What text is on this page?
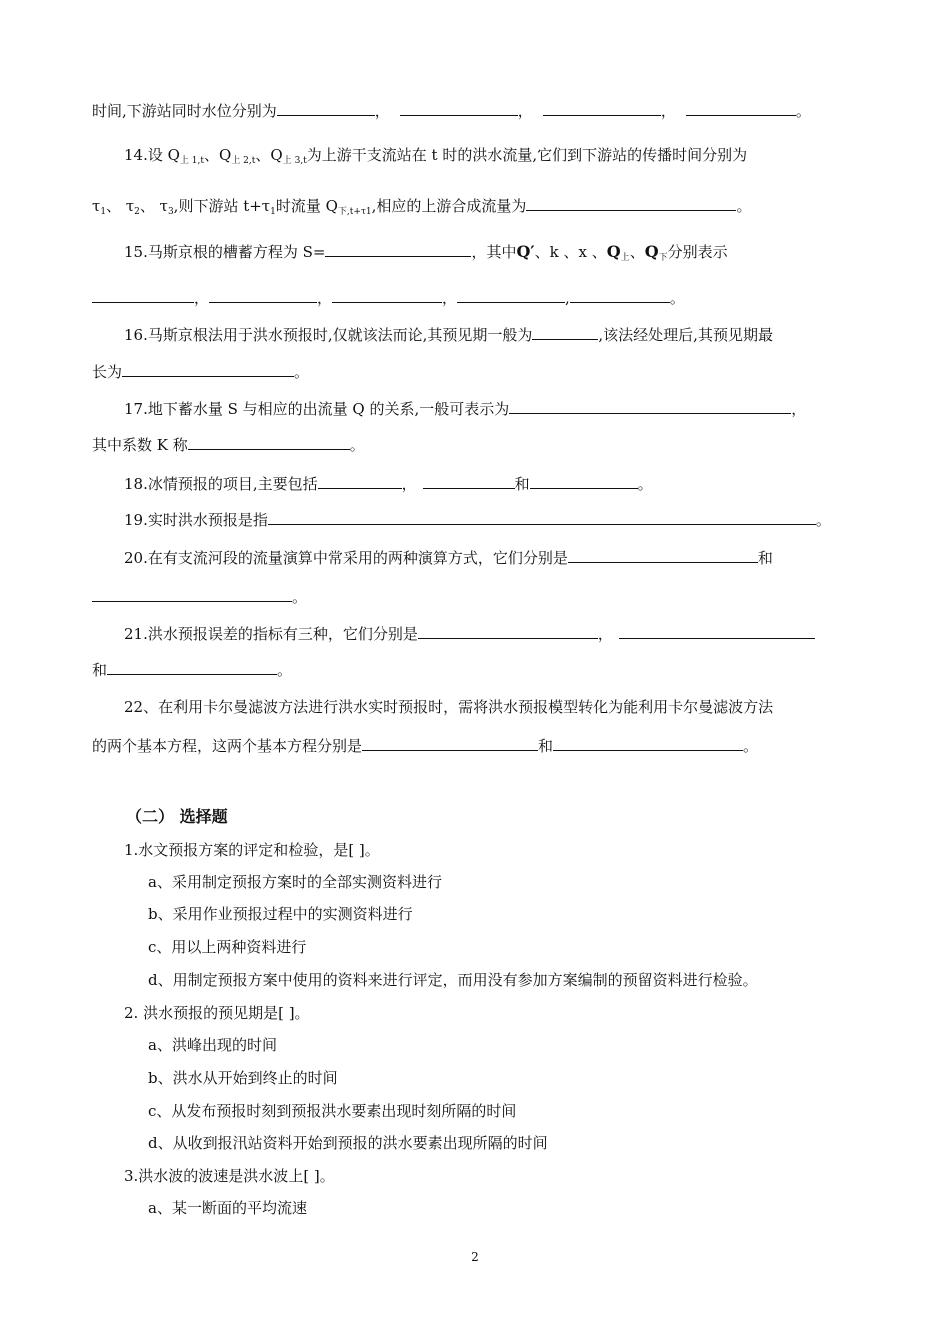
时间,下游站同时水位分别为	，	，	，	。
14.设 $Q_{上 1,t}$、$Q_{上 2,t}$、$Q_{上 3,t}$为上游干支流站在 t 时的洪水流量,它们到下游站的传播时间分别为
$\tau_1$、 $\tau_2$、 $\tau_3$,则下游站 $t+\tau_1$时流量 $Q_{下,t+\tau 1}$,相应的上游合成流量为	。
15.马斯京根的槽蓄方程为 S=	，其中Q′、k 、x 、$Q_上$、$Q_下$分别表示
，	，	，	,	。
16.马斯京根法用于洪水预报时,仅就该法而论,其预见期一般为	,该法经处理后,其预见期最
长为	。
17.地下蓄水量 S 与相应的出流量 Q 的关系,一般可表示为	，
其中系数 K 称	。
18.冰情预报的项目,主要包括	，	和	。
19.实时洪水预报是指	。
20.在有支流河段的流量演算中常采用的两种演算方式，它们分别是	和
。
21.洪水预报误差的指标有三种，它们分别是	，
和	。
22、在利用卡尔曼滤波方法进行洪水实时预报时，需将洪水预报模型转化为能利用卡尔曼滤波方法
的两个基本方程，这两个基本方程分别是	和	。
（二） 选择题
1.水文预报方案的评定和检验，是[ ]。
a、采用制定预报方案时的全部实测资料进行
b、采用作业预报过程中的实测资料进行
c、用以上两种资料进行
d、用制定预报方案中使用的资料来进行评定，而用没有参加方案编制的预留资料进行检验。
2. 洪水预报的预见期是[ ]。
a、洪峰出现的时间
b、洪水从开始到终止的时间
c、从发布预报时刻到预报洪水要素出现时刻所隔的时间
d、从收到报汛站资料开始到预报的洪水要素出现所隔的时间
3.洪水波的波速是洪水波上[ ]。
a、某一断面的平均流速
2
